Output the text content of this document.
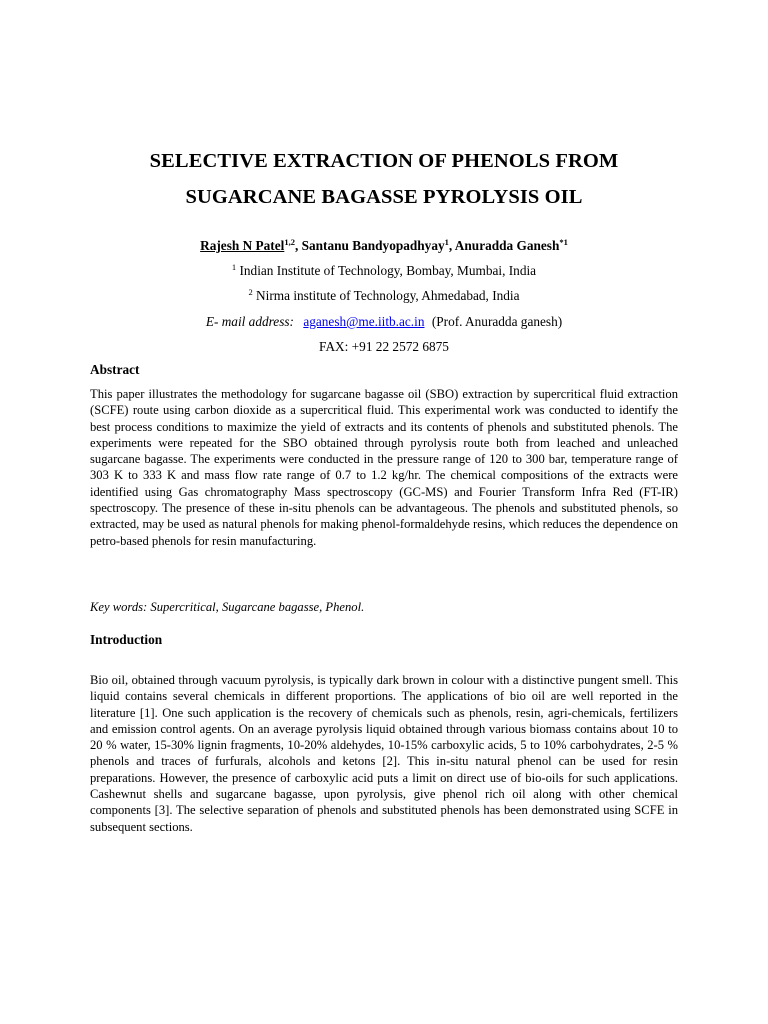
SELECTIVE EXTRACTION OF PHENOLS FROM
SUGARCANE BAGASSE PYROLYSIS OIL
Rajesh N Patel$^{1,2}$, Santanu Bandyopadhyay$^1$, Anuradda Ganesh$^{*1}$
$^1$ Indian Institute of Technology, Bombay, Mumbai, India
$^2$ Nirma institute of Technology, Ahmedabad, India
E- mail address: aganesh@me.iitb.ac.in (Prof. Anuradda ganesh)
FAX: +91 22 2572 6875
Abstract

This paper illustrates the methodology for sugarcane bagasse oil (SBO) extraction by supercritical fluid extraction (SCFE) route using carbon dioxide as a supercritical fluid. This experimental work was conducted to identify the best process conditions to maximize the yield of extracts and its contents of phenols and substituted phenols. The experiments were repeated for the SBO obtained through pyrolysis route both from leached and unleached sugarcane bagasse. The experiments were conducted in the pressure range of 120 to 300 bar, temperature range of 303 K to 333 K and mass flow rate range of 0.7 to 1.2 kg/hr. The chemical compositions of the extracts were identified using Gas chromatography Mass spectroscopy (GC-MS) and Fourier Transform Infra Red (FT-IR) spectroscopy. The presence of these in-situ phenols can be advantageous. The phenols and substituted phenols, so extracted, may be used as natural phenols for making phenol-formaldehyde resins, which reduces the dependence on petro-based phenols for resin manufacturing.

Key words: Supercritical, Sugarcane bagasse, Phenol.

Introduction

Bio oil, obtained through vacuum pyrolysis, is typically dark brown in colour with a distinctive pungent smell. This liquid contains several chemicals in different proportions. The applications of bio oil are well reported in the literature [1]. One such application is the recovery of chemicals such as phenols, resin, agri-chemicals, fertilizers and emission control agents. On an average pyrolysis liquid obtained through various biomass contains about 10 to 20 % water, 15-30% lignin fragments, 10-20% aldehydes, 10-15% carboxylic acids, 5 to 10% carbohydrates, 2-5 % phenols and traces of furfurals, alcohols and ketons [2]. This in-situ natural phenol can be used for resin preparations. However, the presence of carboxylic acid puts a limit on direct use of bio-oils for such applications. Cashewnut shells and sugarcane bagasse, upon pyrolysis, give phenol rich oil along with other chemical components [3]. The selective separation of phenols and substituted phenols has been demonstrated using SCFE in subsequent sections.
